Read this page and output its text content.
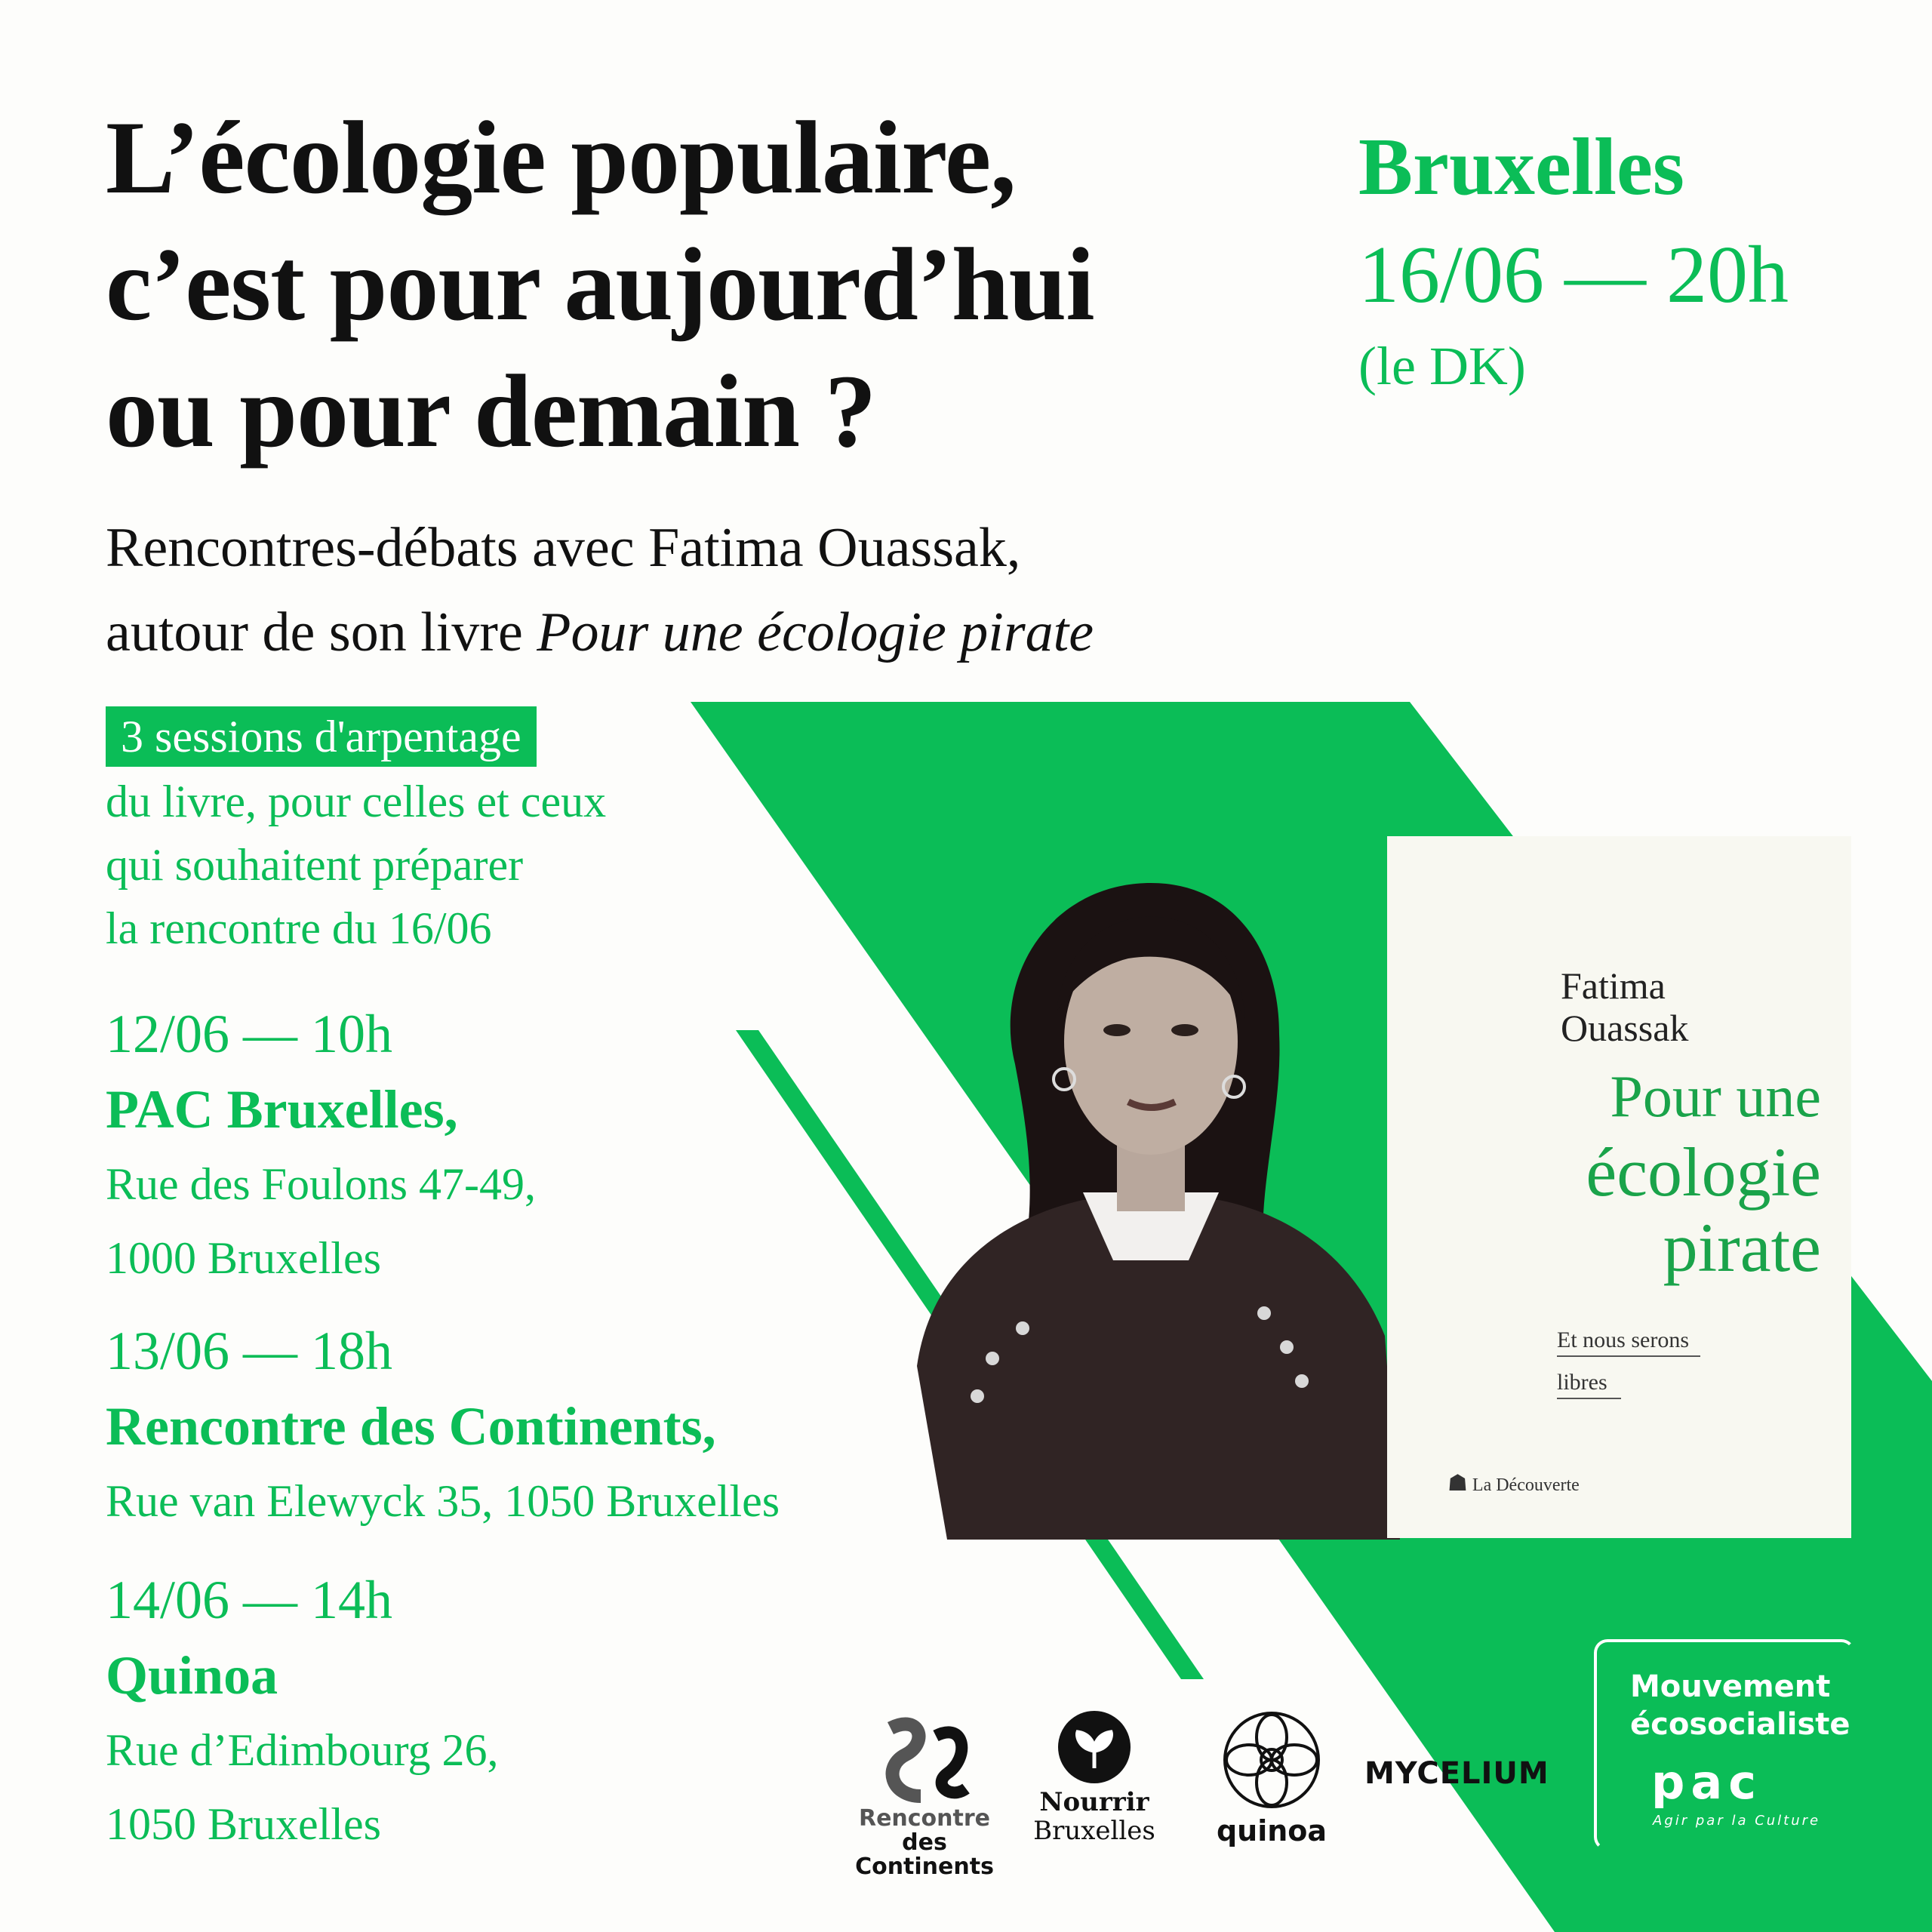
L’écologie populaire,
c’est pour aujourd’hui
ou pour demain ?
Bruxelles
16/06 — 20h
(le DK)
Rencontres-débats avec Fatima Ouassak,
autour de son livre Pour une écologie pirate
3 sessions d'arpentage
du livre, pour celles et ceux
qui souhaitent préparer
la rencontre du 16/06
12/06 — 10h
PAC Bruxelles,
Rue des Foulons 47-49,
1000 Bruxelles
13/06 — 18h
Rencontre des Continents,
Rue van Elewyck 35, 1050 Bruxelles
14/06 — 14h
Quinoa
Rue d’Edimbourg 26,
1050 Bruxelles
Fatima
Ouassak
Pour une
écologie
pirate
Et nous serons
libres
☗ La Découverte
Rencontre
des Continents
Nourrir
Bruxelles	quinoa
MYCELIUM
Mouvement
écosocialiste
pac
Agir par la Culture
